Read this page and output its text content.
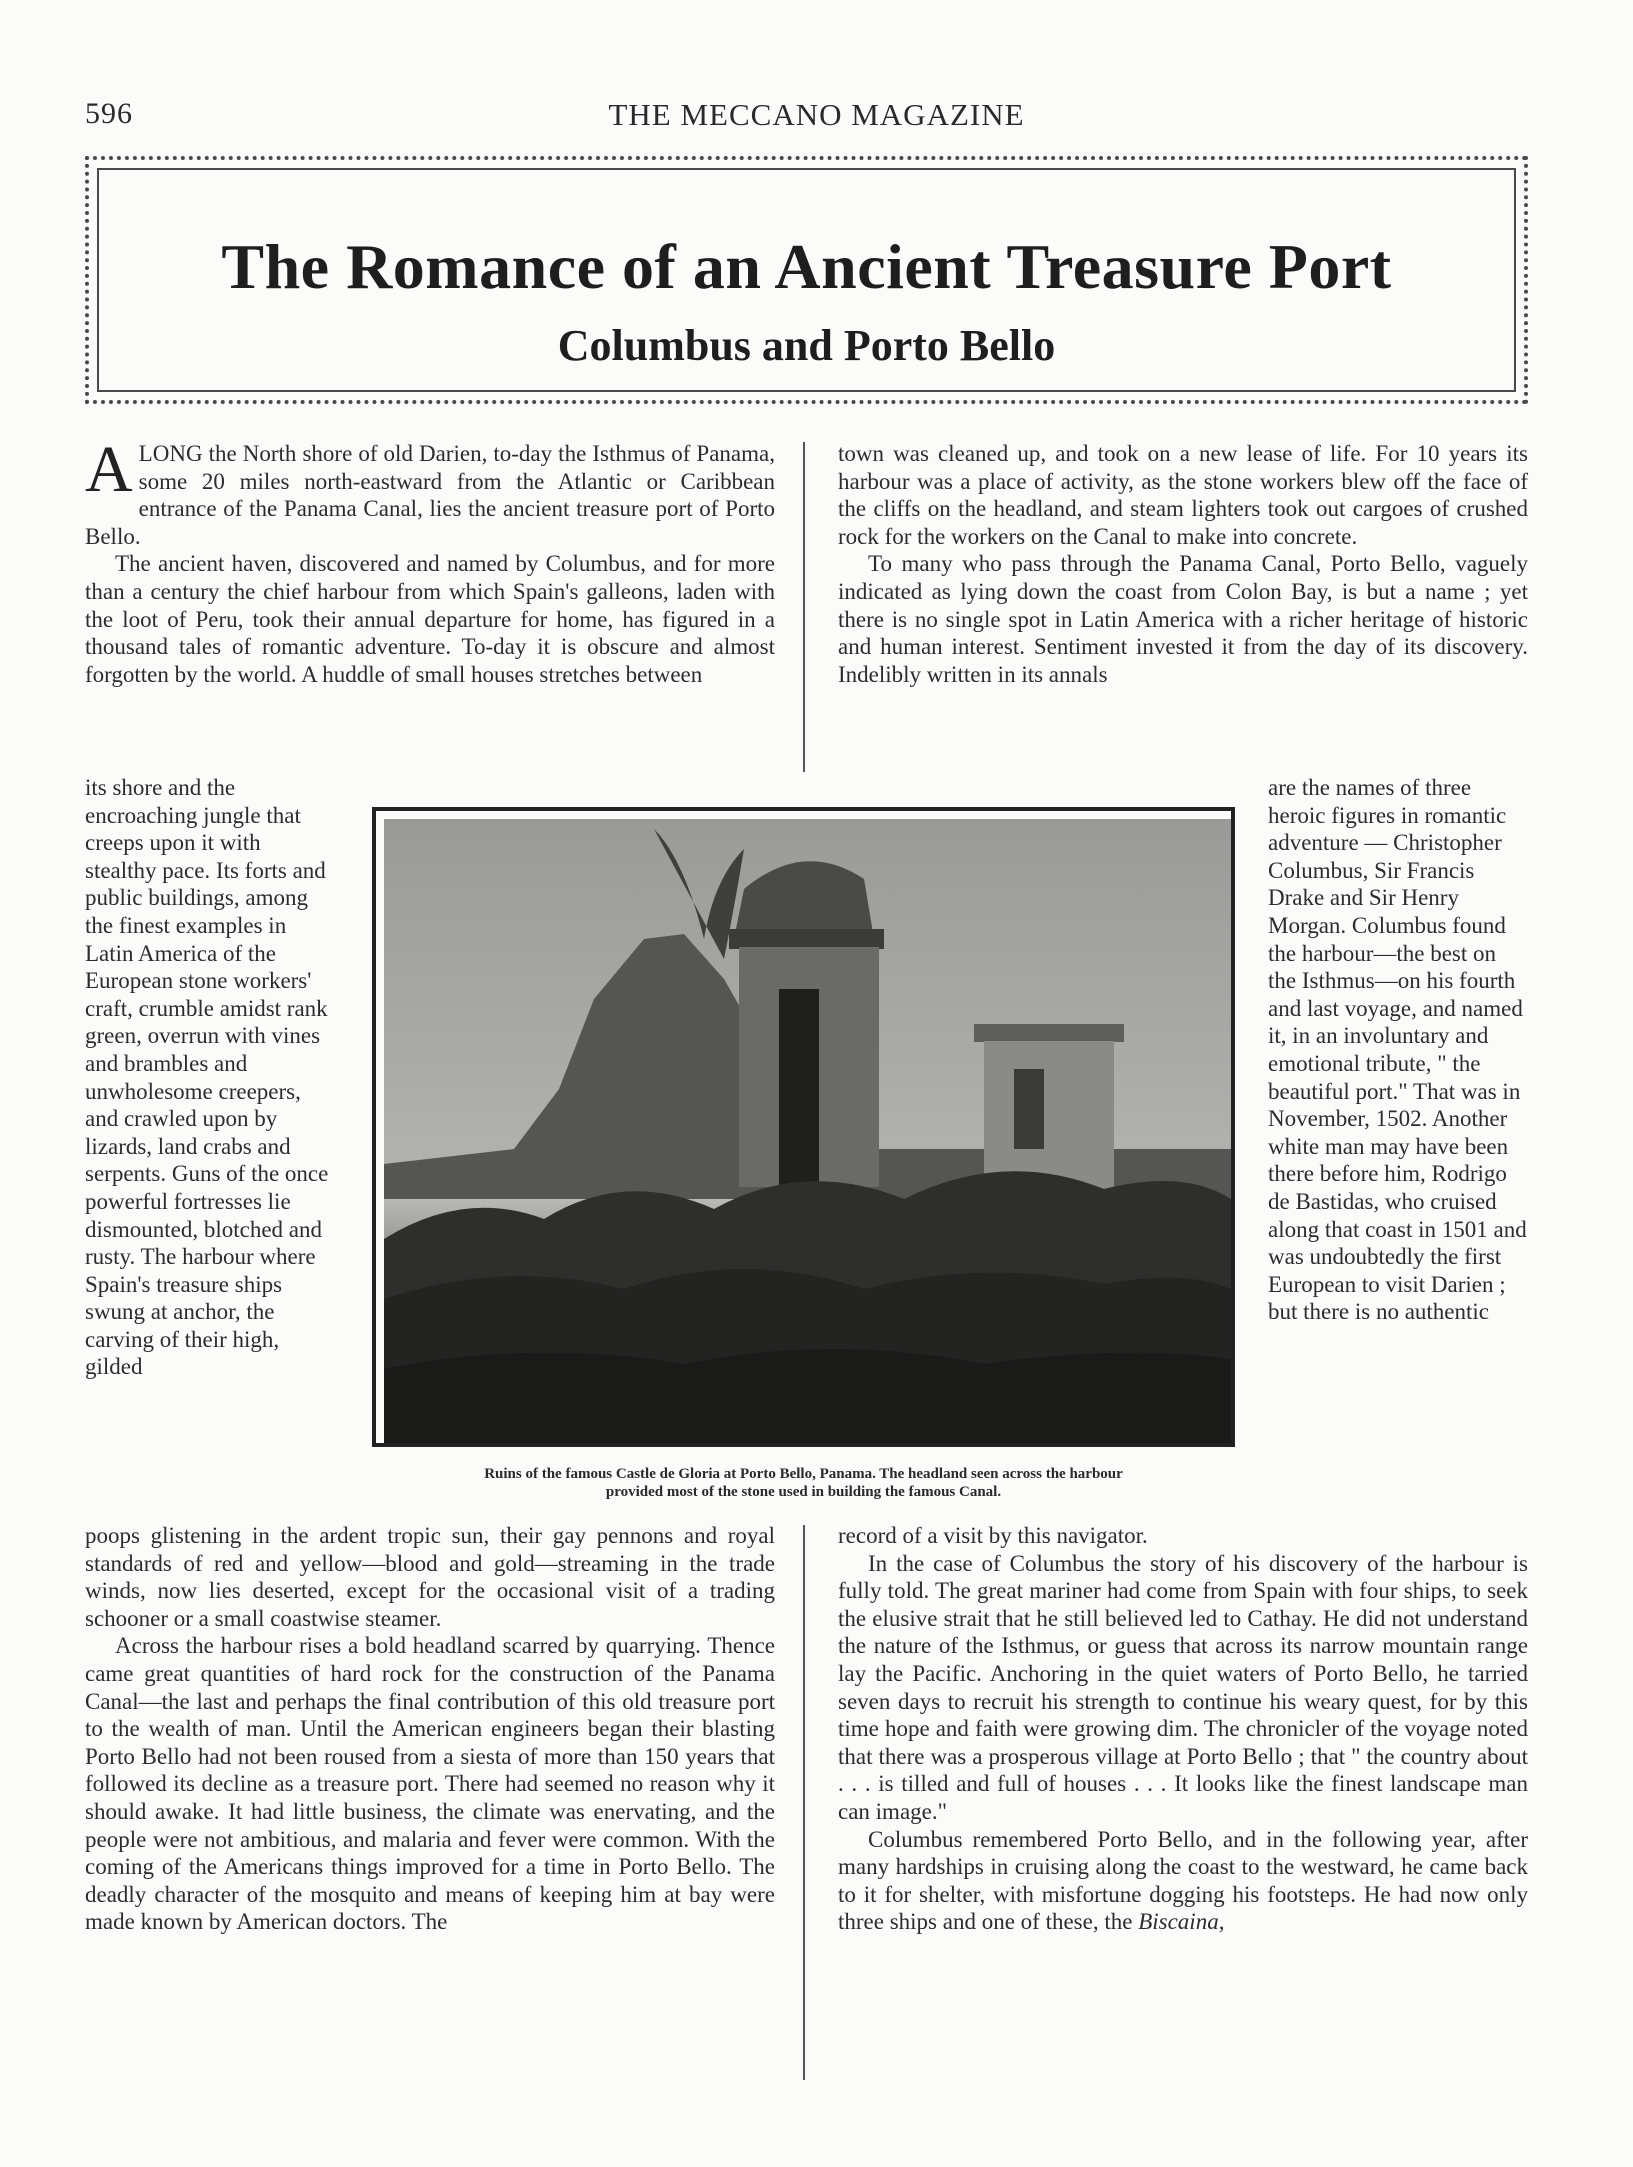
596	THE MECCANO MAGAZINE
The Romance of an Ancient Treasure Port
Columbus and Porto Bello

ALONG the North shore of old Darien, to-day the Isthmus of Panama, some 20 miles north-eastward from the Atlantic or Caribbean entrance of the Panama Canal, lies the ancient treasure port of Porto Bello.

The ancient haven, discovered and named by Columbus, and for more than a century the chief harbour from which Spain's galleons, laden with the loot of Peru, took their annual departure for home, has figured in a thousand tales of romantic adventure. To-day it is obscure and almost forgotten by the world. A huddle of small houses stretches between

town was cleaned up, and took on a new lease of life. For 10 years its harbour was a place of activity, as the stone workers blew off the face of the cliffs on the headland, and steam lighters took out cargoes of crushed rock for the workers on the Canal to make into concrete.

To many who pass through the Panama Canal, Porto Bello, vaguely indicated as lying down the coast from Colon Bay, is but a name ; yet there is no single spot in Latin America with a richer heritage of historic and human interest. Sentiment invested it from the day of its discovery. Indelibly written in its annals

its shore and the encroaching jungle that creeps upon it with stealthy pace. Its forts and public buildings, among the finest examples in Latin America of the European stone workers' craft, crumble amidst rank green, overrun with vines and brambles and unwholesome creepers, and crawled upon by lizards, land crabs and serpents. Guns of the once powerful fortresses lie dismounted, blotched and rusty. The harbour where Spain's treasure ships swung at anchor, the carving of their high, gilded

are the names of three heroic figures in romantic adventure — Christopher Columbus, Sir Francis Drake and Sir Henry Morgan. Columbus found the harbour—the best on the Isthmus—on his fourth and last voyage, and named it, in an involuntary and emotional tribute, " the beautiful port." That was in November, 1502. Another white man may have been there before him, Rodrigo de Bastidas, who cruised along that coast in 1501 and was undoubtedly the first European to visit Darien ; but there is no authentic

Ruins of the famous Castle de Gloria at Porto Bello, Panama. The headland seen across the harbour
provided most of the stone used in building the famous Canal.

poops glistening in the ardent tropic sun, their gay pennons and royal standards of red and yellow—blood and gold—streaming in the trade winds, now lies deserted, except for the occasional visit of a trading schooner or a small coastwise steamer.

Across the harbour rises a bold headland scarred by quarrying. Thence came great quantities of hard rock for the construction of the Panama Canal—the last and perhaps the final contribution of this old treasure port to the wealth of man. Until the American engineers began their blasting Porto Bello had not been roused from a siesta of more than 150 years that followed its decline as a treasure port. There had seemed no reason why it should awake. It had little business, the climate was enervating, and the people were not ambitious, and malaria and fever were common. With the coming of the Americans things improved for a time in Porto Bello. The deadly character of the mosquito and means of keeping him at bay were made known by American doctors. The

record of a visit by this navigator.

In the case of Columbus the story of his discovery of the harbour is fully told. The great mariner had come from Spain with four ships, to seek the elusive strait that he still believed led to Cathay. He did not understand the nature of the Isthmus, or guess that across its narrow mountain range lay the Pacific. Anchoring in the quiet waters of Porto Bello, he tarried seven days to recruit his strength to continue his weary quest, for by this time hope and faith were growing dim. The chronicler of the voyage noted that there was a prosperous village at Porto Bello ; that " the country about . . . is tilled and full of houses . . . It looks like the finest landscape man can image."

Columbus remembered Porto Bello, and in the following year, after many hardships in cruising along the coast to the westward, he came back to it for shelter, with misfortune dogging his footsteps. He had now only three ships and one of these, the Biscaina,
